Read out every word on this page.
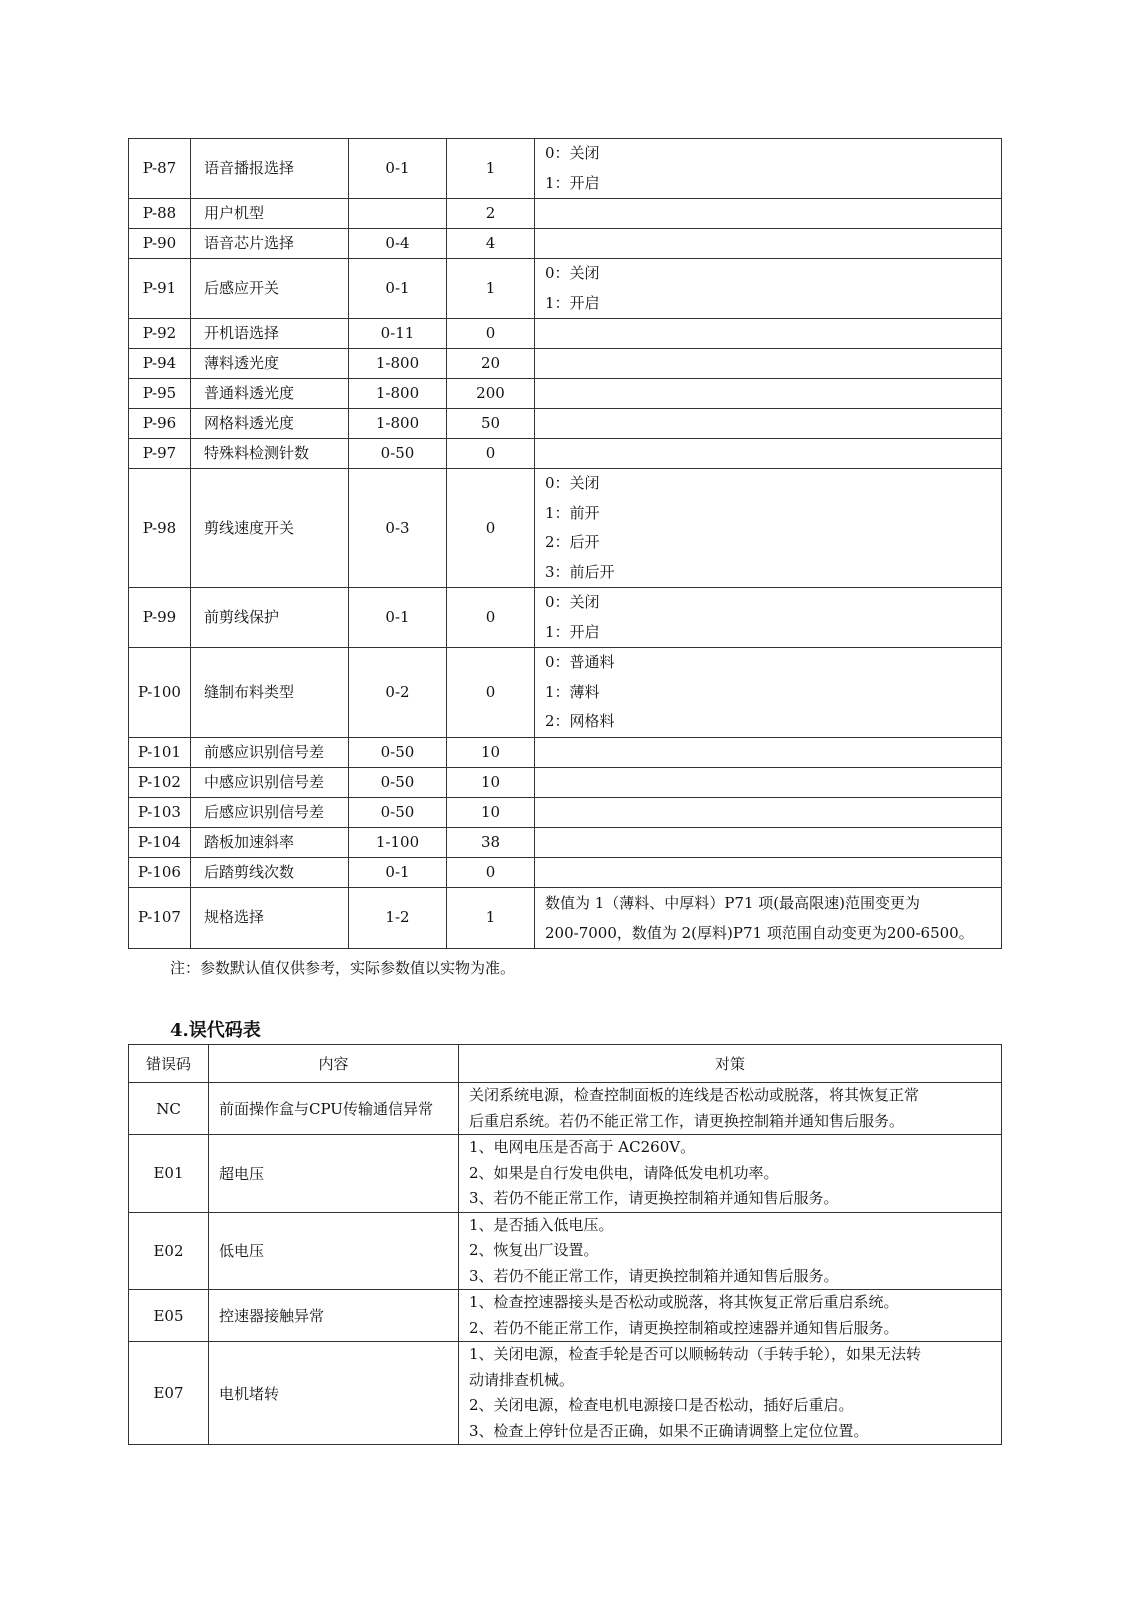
P-87	语音播报选择	0-1	1	0：关闭
1：开启

P-88	用户机型		2	
P-90	语音芯片选择	0-4	4	
P-91	后感应开关	0-1	1	0：关闭
1：开启

P-92	开机语选择	0-11	0	
P-94	薄料透光度	1-800	20	
P-95	普通料透光度	1-800	200	
P-96	网格料透光度	1-800	50	
P-97	特殊料检测针数	0-50	0	
P-98	剪线速度开关	0-3	0	0：关闭
1：前开
2：后开
3：前后开

P-99	前剪线保护	0-1	0	0：关闭
1：开启

P-100	缝制布料类型	0-2	0	0：普通料
1：薄料
2：网格料

P-101	前感应识别信号差	0-50	10	
P-102	中感应识别信号差	0-50	10	
P-103	后感应识别信号差	0-50	10	
P-104	踏板加速斜率	1-100	38	
P-106	后踏剪线次数	0-1	0	
P-107	规格选择	1-2	1	数值为 1（薄料、中厚料）P71 项(最高限速)范围变更为
200-7000，数值为 2(厚料)P71 项范围自动变更为200-6500。

注：参数默认值仅供参考，实际参数值以实物为准。

4.误代码表
错误码	内容	对策
NC	前面操作盒与CPU传输通信异常	关闭系统电源，检查控制面板的连线是否松动或脱落，将其恢复正常
后重启系统。若仍不能正常工作，请更换控制箱并通知售后服务。

E01	超电压	1、电网电压是否高于 AC260V。
2、如果是自行发电供电，请降低发电机功率。
3、若仍不能正常工作，请更换控制箱并通知售后服务。

E02	低电压	1、是否插入低电压。
2、恢复出厂设置。
3、若仍不能正常工作，请更换控制箱并通知售后服务。

E05	控速器接触异常	1、检查控速器接头是否松动或脱落，将其恢复正常后重启系统。
2、若仍不能正常工作，请更换控制箱或控速器并通知售后服务。

E07	电机堵转	1、关闭电源，检查手轮是否可以顺畅转动（手转手轮），如果无法转
动请排查机械。
2、关闭电源，检查电机电源接口是否松动，插好后重启。
3、检查上停针位是否正确，如果不正确请调整上定位位置。
